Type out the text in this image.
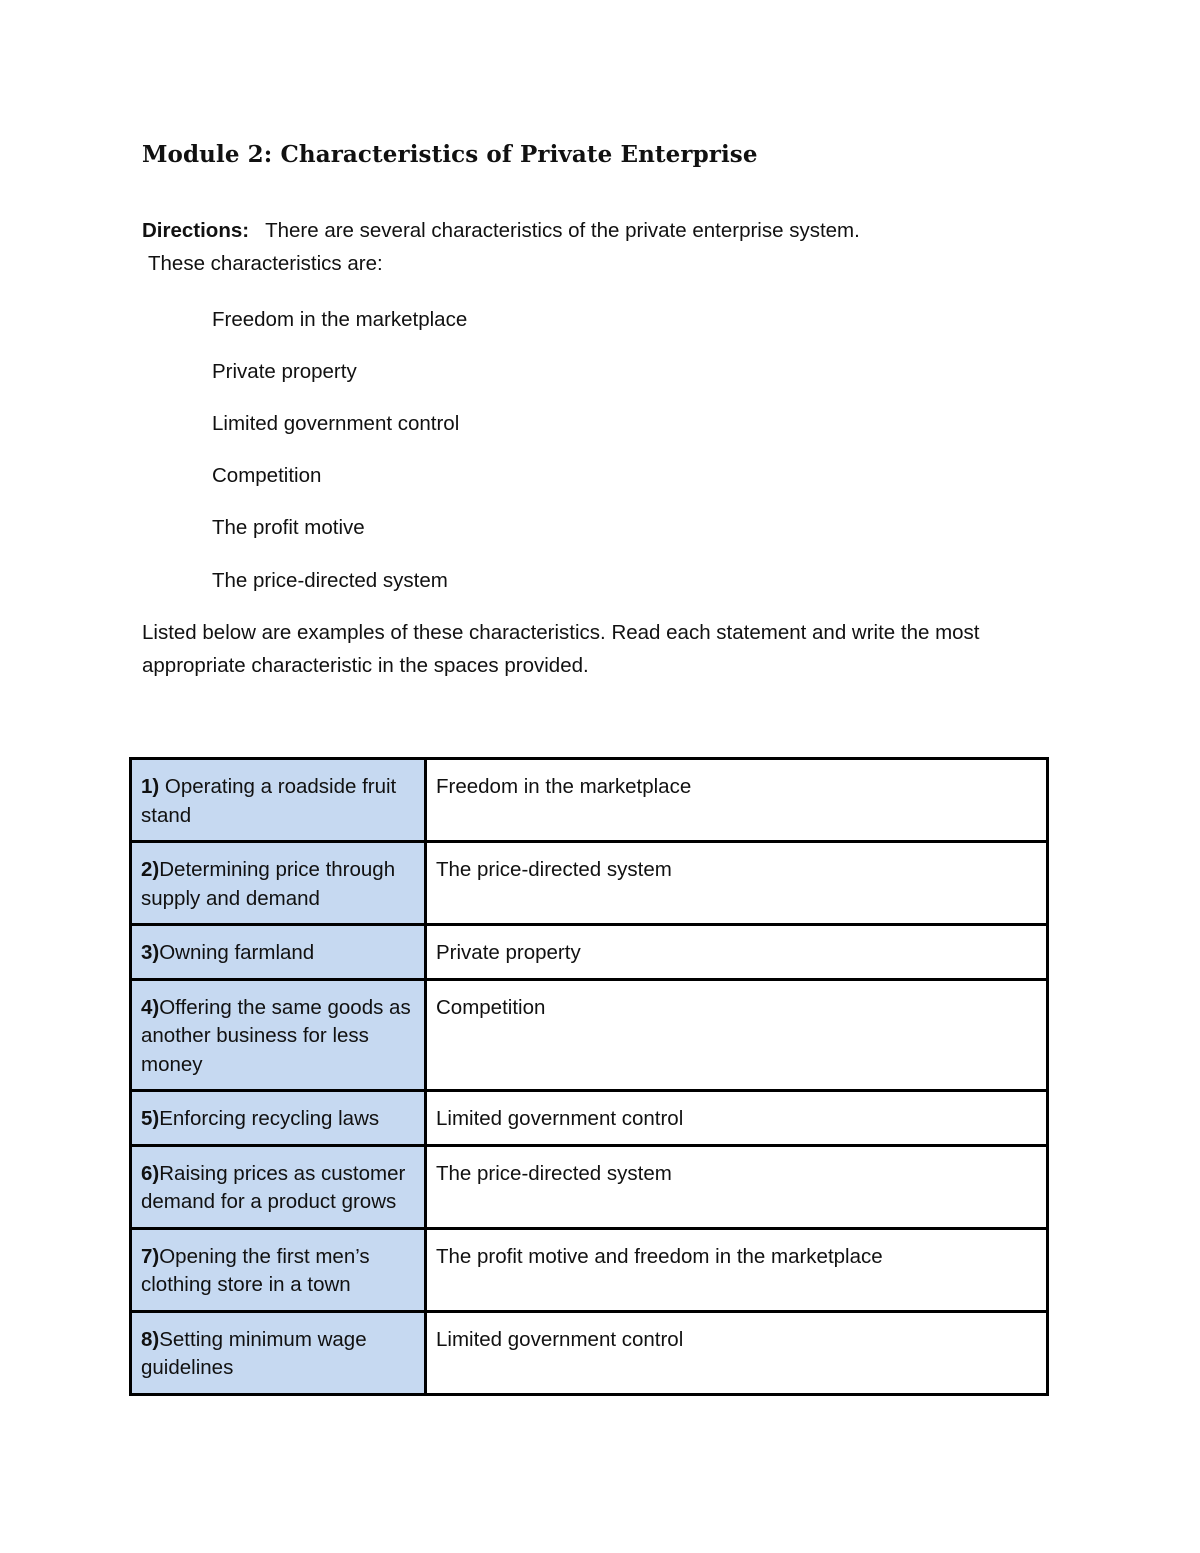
Module 2: Characteristics of Private Enterprise
Directions: There are several characteristics of the private enterprise system.
These characteristics are:
Freedom in the marketplace
Private property
Limited government control
Competition
The profit motive
The price-directed system
Listed below are examples of these characteristics. Read each statement and write the most
appropriate characteristic in the spaces provided.
1) Operating a roadside fruit stand	Freedom in the marketplace
2)Determining price through supply and demand	The price-directed system
3)Owning farmland	Private property
4)Offering the same goods as another business for less money	Competition
5)Enforcing recycling laws	Limited government control
6)Raising prices as customer demand for a product grows	The price-directed system
7)Opening the first men’s clothing store in a town	The profit motive and freedom in the marketplace
8)Setting minimum wage guidelines	Limited government control
